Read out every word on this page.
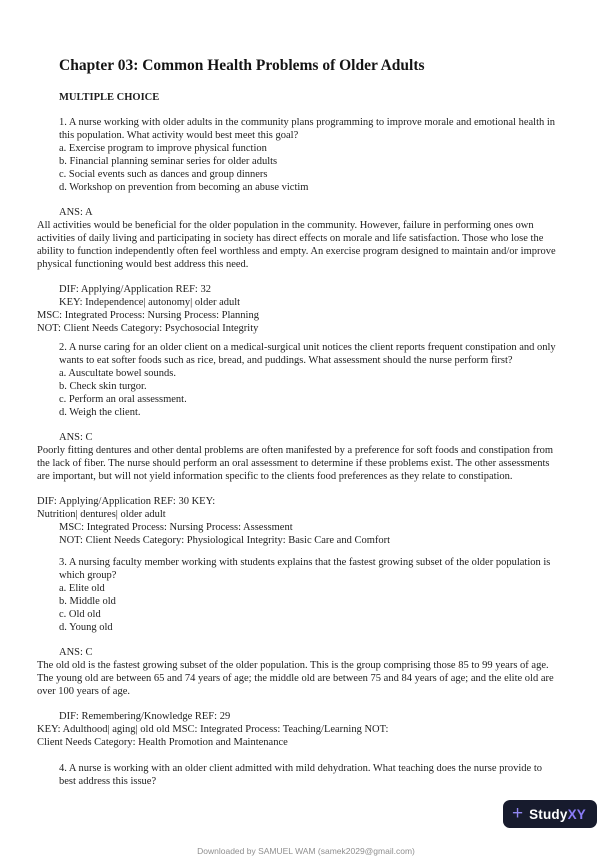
Chapter 03: Common Health Problems of Older Adults
MULTIPLE CHOICE

1. A nurse working with older adults in the community plans programming to improve morale and emotional health in this population. What activity would best meet this goal?

a. Exercise program to improve physical function
b. Financial planning seminar series for older adults
c. Social events such as dances and group dinners
d. Workshop on prevention from becoming an abuse victim
ANS: A

All activities would be beneficial for the older population in the community. However, failure in performing ones own activities of daily living and participating in society has direct effects on morale and life satisfaction. Those who lose the ability to function independently often feel worthless and empty. An exercise program designed to maintain and/or improve physical functioning would best address this need.

DIF: Applying/Application REF: 32
KEY: Independence| autonomy| older adult
MSC: Integrated Process: Nursing Process: Planning
NOT: Client Needs Category: Psychosocial Integrity

2. A nurse caring for an older client on a medical-surgical unit notices the client reports frequent constipation and only wants to eat softer foods such as rice, bread, and puddings. What assessment should the nurse perform first?

a. Auscultate bowel sounds.
b. Check skin turgor.
c. Perform an oral assessment.
d. Weigh the client.
ANS: C

Poorly fitting dentures and other dental problems are often manifested by a preference for soft foods and constipation from the lack of fiber. The nurse should perform an oral assessment to determine if these problems exist. The other assessments are important, but will not yield information specific to the clients food preferences as they relate to constipation.

DIF: Applying/Application REF: 30 KEY:
Nutrition| dentures| older adult
MSC: Integrated Process: Nursing Process: Assessment
NOT: Client Needs Category: Physiological Integrity: Basic Care and Comfort

3. A nursing faculty member working with students explains that the fastest growing subset of the older population is which group?

a. Elite old
b. Middle old
c. Old old
d. Young old
ANS: C

The old old is the fastest growing subset of the older population. This is the group comprising those 85 to 99 years of age. The young old are between 65 and 74 years of age; the middle old are between 75 and 84 years of age; and the elite old are over 100 years of age.

DIF: Remembering/Knowledge REF: 29
KEY: Adulthood| aging| old old MSC: Integrated Process: Teaching/Learning NOT:
Client Needs Category: Health Promotion and Maintenance

4. A nurse is working with an older client admitted with mild dehydration. What teaching does the nurse provide to best address this issue?

+ StudyXY
Downloaded by SAMUEL WAM (samek2029@gmail.com)
